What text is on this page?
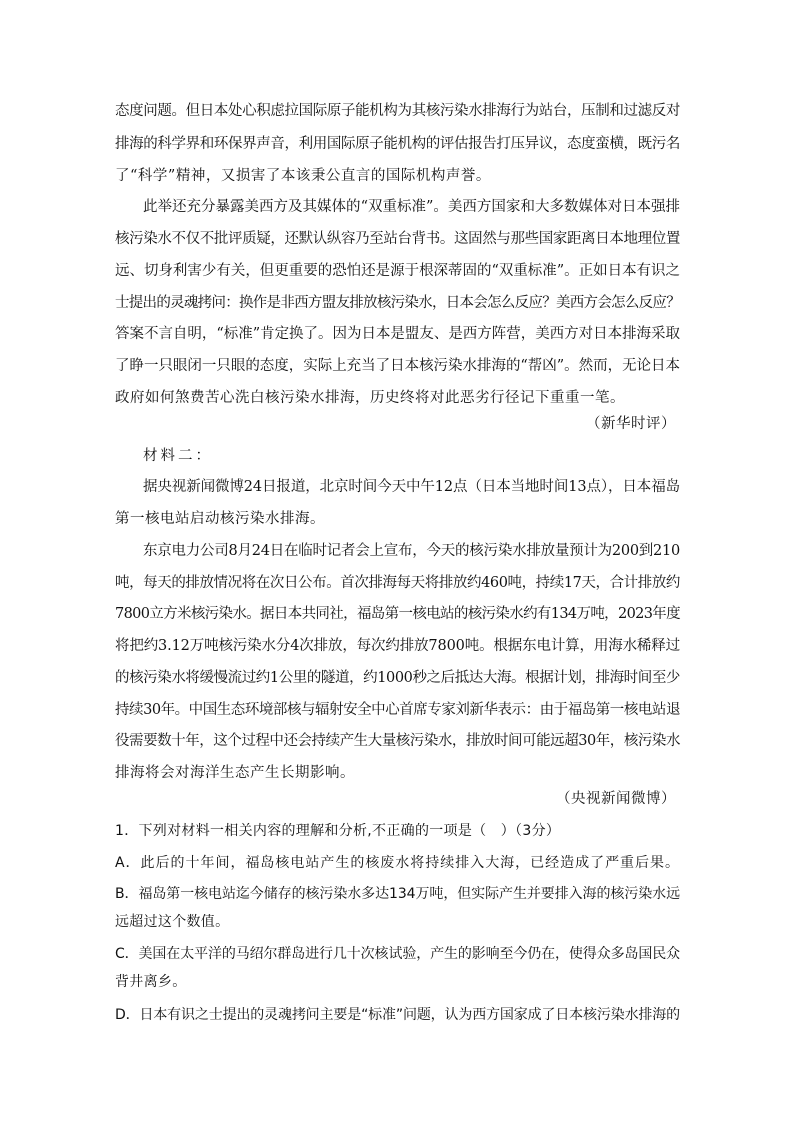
态度问题。但日本处心积虑拉国际原子能机构为其核污染水排海行为站台，压制和过滤反对
排海的科学界和环保界声音，利用国际原子能机构的评估报告打压异议，态度蛮横，既污名
了“科学”精神，又损害了本该秉公直言的国际机构声誉。
此举还充分暴露美西方及其媒体的“双重标准”。美西方国家和大多数媒体对日本强排
核污染水不仅不批评质疑，还默认纵容乃至站台背书。这固然与那些国家距离日本地理位置
远、切身利害少有关，但更重要的恐怕还是源于根深蒂固的“双重标准”。正如日本有识之
士提出的灵魂拷问：换作是非西方盟友排放核污染水，日本会怎么反应？美西方会怎么反应？
答案不言自明，“标准”肯定换了。因为日本是盟友、是西方阵营，美西方对日本排海采取
了睁一只眼闭一只眼的态度，实际上充当了日本核污染水排海的“帮凶”。然而，无论日本
政府如何煞费苦心洗白核污染水排海，历史终将对此恶劣行径记下重重一笔。
（新华时评）
材料二：
据央视新闻微博24日报道，北京时间今天中午12点（日本当地时间13点），日本福岛
第一核电站启动核污染水排海。
东京电力公司8月24日在临时记者会上宣布，今天的核污染水排放量预计为200到210
吨，每天的排放情况将在次日公布。首次排海每天将排放约460吨，持续17天，合计排放约
7800立方米核污染水。据日本共同社，福岛第一核电站的核污染水约有134万吨，2023年度
将把约3.12万吨核污染水分4次排放，每次约排放7800吨。根据东电计算，用海水稀释过
的核污染水将缓慢流过约1公里的隧道，约1000秒之后抵达大海。根据计划，排海时间至少
持续30年。中国生态环境部核与辐射安全中心首席专家刘新华表示：由于福岛第一核电站退
役需要数十年，这个过程中还会持续产生大量核污染水，排放时间可能远超30年，核污染水
排海将会对海洋生态产生长期影响。
（央视新闻微博）
1．下列对材料一相关内容的理解和分析,不正确的一项是（　）（3分）
A．此后的十年间，福岛核电站产生的核废水将持续排入大海，已经造成了严重后果。
B．福岛第一核电站迄今储存的核污染水多达134万吨，但实际产生并要排入海的核污染水远
远超过这个数值。
C．美国在太平洋的马绍尔群岛进行几十次核试验，产生的影响至今仍在，使得众多岛国民众
背井离乡。
D．日本有识之士提出的灵魂拷问主要是“标准”问题，认为西方国家成了日本核污染水排海的
